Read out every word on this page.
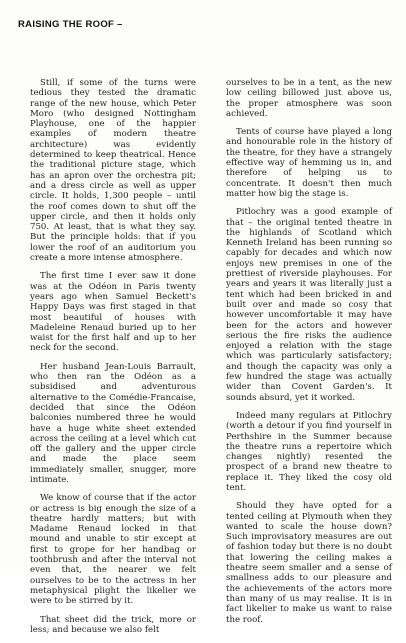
RAISING THE ROOF –

Still, if some of the turns were tedious they tested the dramatic range of the new house, which Peter Moro (who designed Nottingham Playhouse, one of the happier examples of modern theatre architecture) was evidently determined to keep theatrical. Hence the traditional picture stage, which has an apron over the orchestra pit; and a dress circle as well as upper circle. It holds, 1,300 people – until the roof comes down to shut off the upper circle, and then it holds only 750. At least, that is what they say. But the principle holds: that if you lower the roof of an auditorium you create a more intense atmosphere.

The first time I ever saw it done was at the Odéon in Paris twenty years ago when Samuel Beckett's Happy Days was first staged in that most beautiful of houses with Madeleine Renaud buried up to her waist for the first half and up to her neck for the second.

Her husband Jean-Louis Barrault, who then ran the Odéon as a subsidised and adventurous alternative to the Comédie-Francaise, decided that since the Odéon balconies numbered three he would have a huge white sheet extended across the ceiling at a level which cut off the gallery and the upper circle and made the place seem immediately smaller, snugger, more intimate.

We know of course that if the actor or actress is big enough the size of a theatre hardly matters; but with Madame Renaud locked in that mound and unable to stir except at first to grope for her handbag or toothbrush and after the interval not even that, the nearer we felt ourselves to be to the actress in her metaphysical plight the likelier we were to be stirred by it.

That sheet did the trick, more or less; and because we also felt

ourselves to be in a tent, as the new low ceiling billowed just above us, the proper atmosphere was soon achieved.

Tents of course have played a long and honourable role in the history of the theatre, for they have a strangely effective way of hemming us in, and therefore of helping us to concentrate. It doesn't then much matter how big the stage is.

Pitlochry was a good example of that – the original tented theatre in the highlands of Scotland which Kenneth Ireland has been running so capably for decades and which now enjoys new premises in one of the prettiest of riverside playhouses. For years and years it was literally just a tent which had been bricked in and built over and made so cosy that however uncomfortable it may have been for the actors and however serious the fire risks the audience enjoyed a relation with the stage which was particularly satisfactory; and though the capacity was only a few hundred the stage was actually wider than Covent Garden's. It sounds absurd, yet it worked.

Indeed many regulars at Pitlochry (worth a detour if you find yourself in Perthshire in the Summer because the theatre runs a repertoire which changes nightly) resented the prospect of a brand new theatre to replace it. They liked the cosy old tent.

Should they have opted for a tented ceiling at Plymouth when they wanted to scale the house down? Such improvisatory measures are out of fashion today but there is no doubt that lowering the ceiling makes a theatre seem smaller and a sense of smallness adds to our pleasure and the achievements of the actors more than many of us may realise. It is in fact likelier to make us want to raise the roof.
